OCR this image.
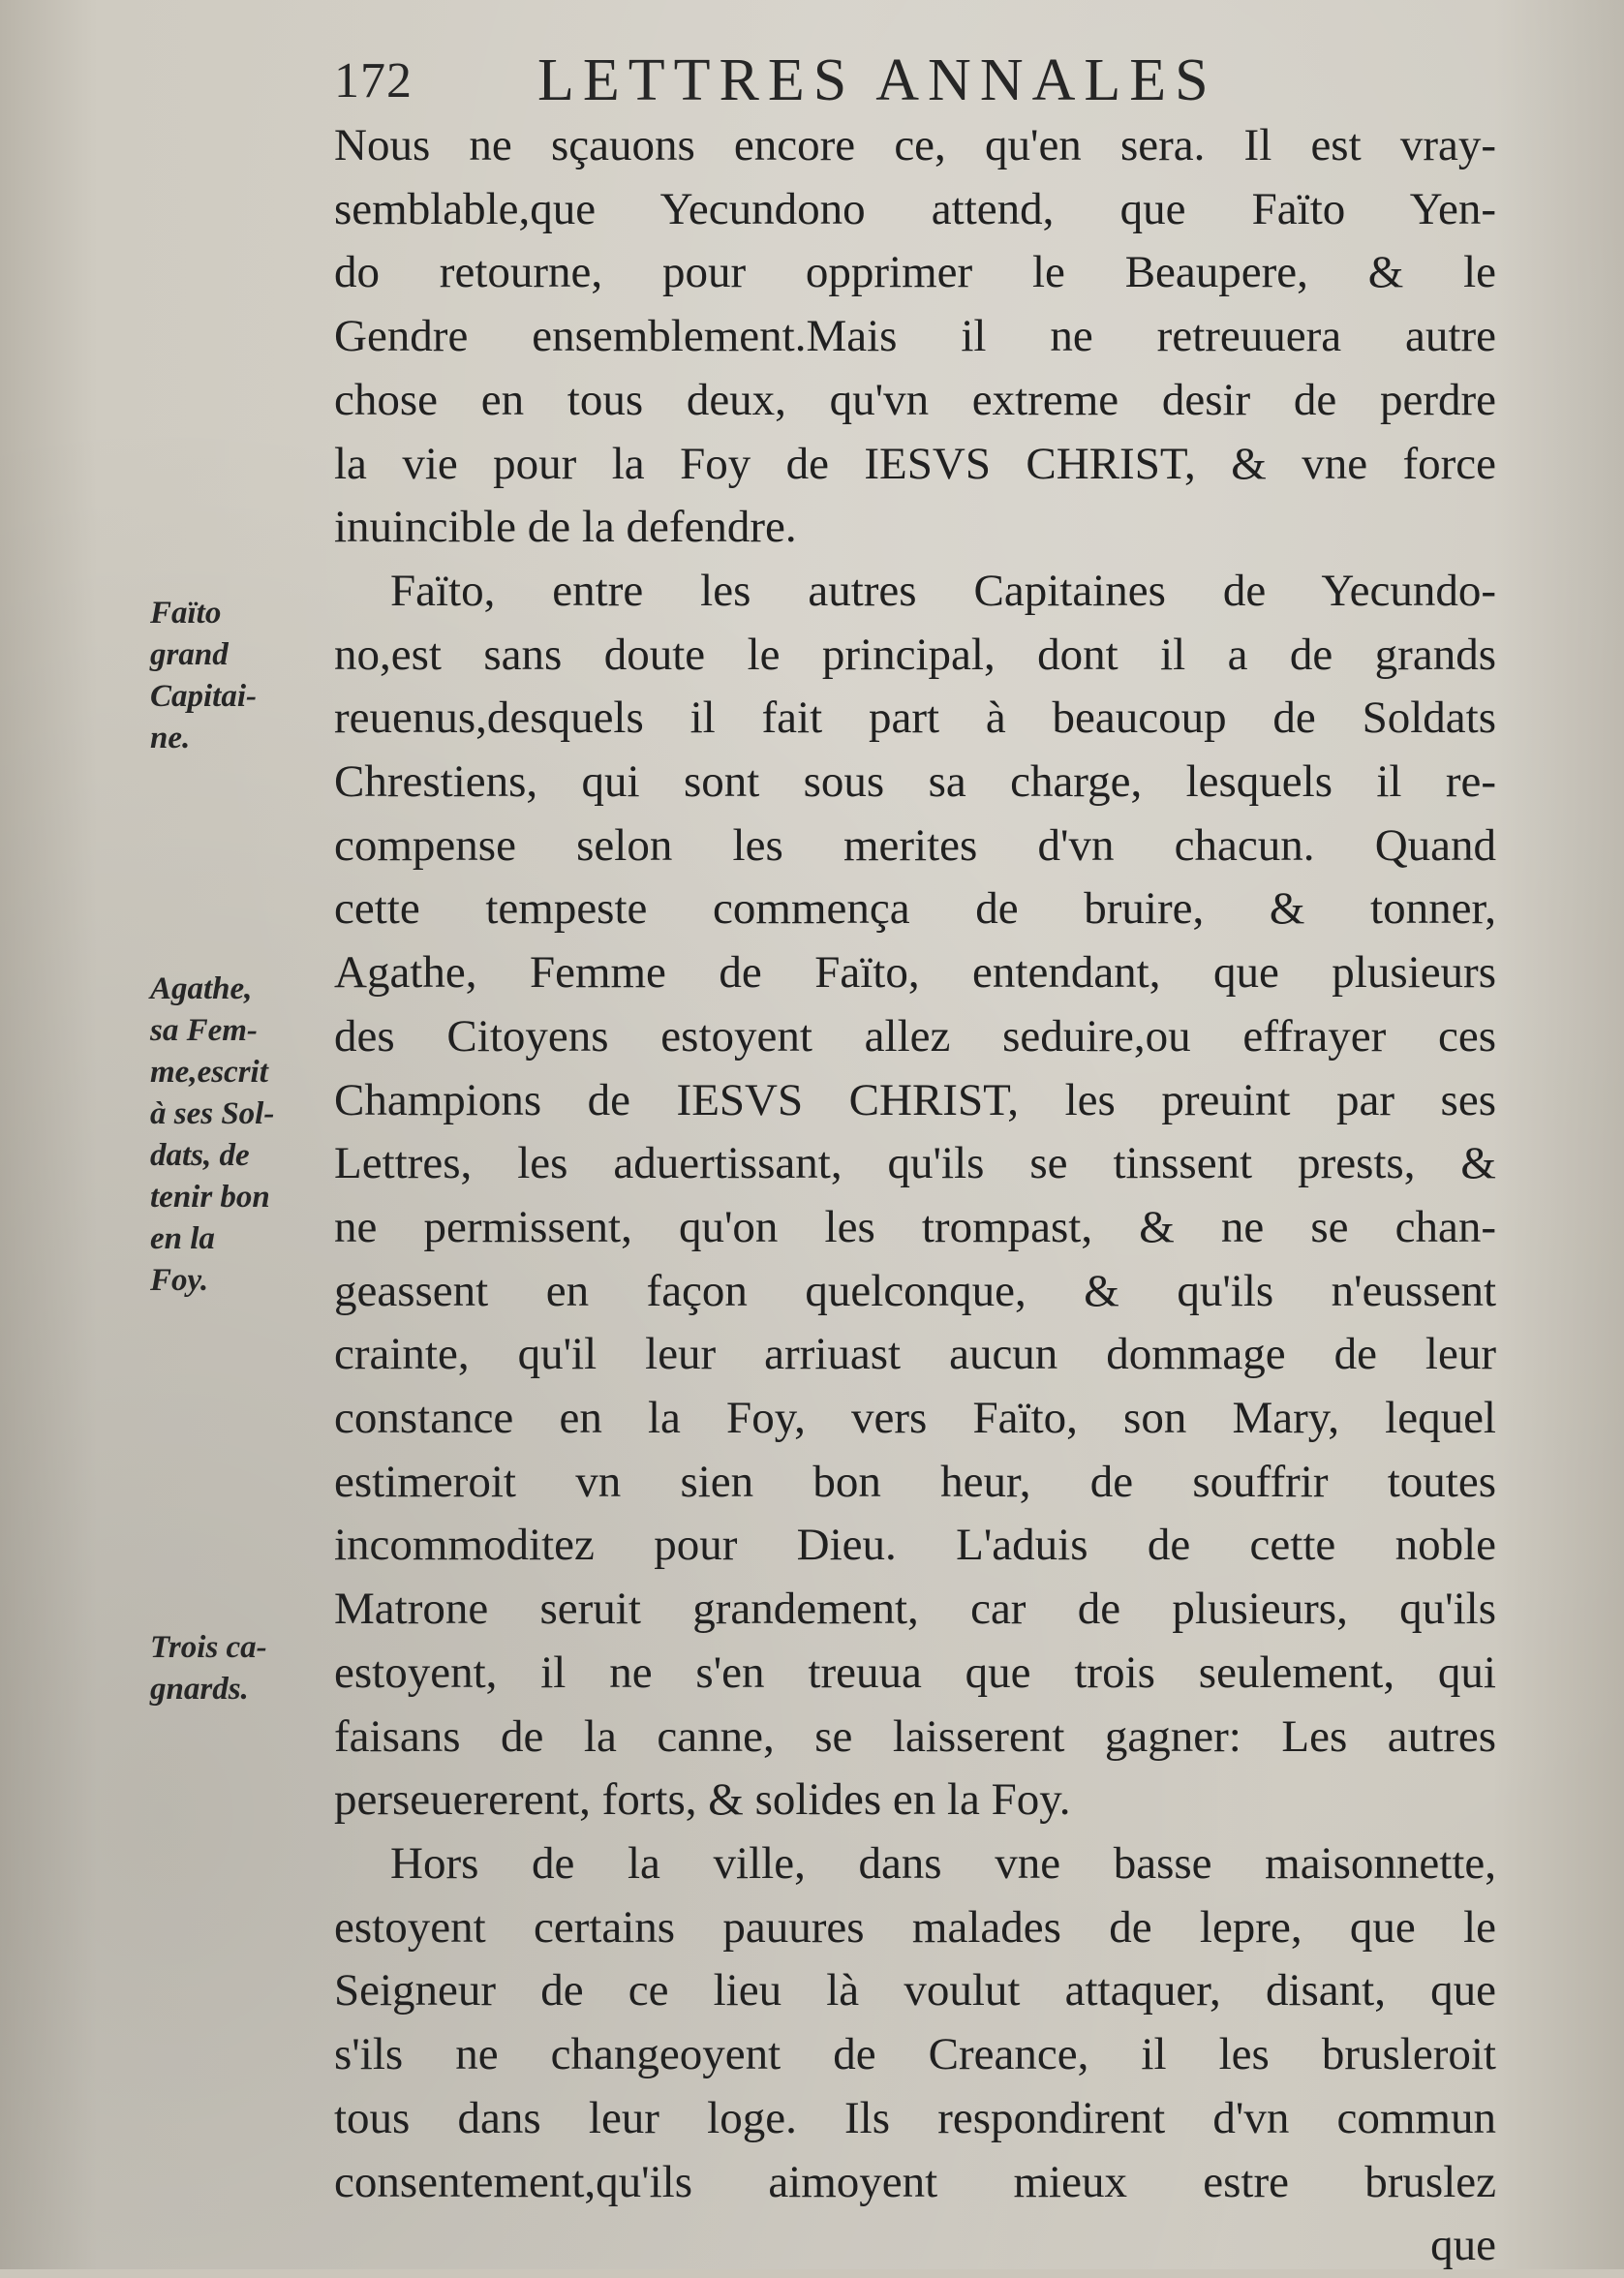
172 LETTRES ANNALES
Nous ne sçauons encore ce, qu'en sera. Il est vray-
semblable,que Yecundono attend, que Faïto Yen-
do retourne, pour opprimer le Beaupere, & le
Gendre ensemblement.Mais il ne retreuuera autre
chose en tous deux, qu'vn extreme desir de perdre
la vie pour la Foy de IESVS CHRIST, & vne force
inuincible de la defendre.
Faïto, entre les autres Capitaines de Yecundo-
no,est sans doute le principal, dont il a de grands
reuenus,desquels il fait part à beaucoup de Soldats
Chrestiens, qui sont sous sa charge, lesquels il re-
compense selon les merites d'vn chacun. Quand
cette tempeste commença de bruire, & tonner,
Agathe, Femme de Faïto, entendant, que plusieurs
des Citoyens estoyent allez seduire,ou effrayer ces
Champions de IESVS CHRIST, les preuint par ses
Lettres, les aduertissant, qu'ils se tinssent prests, &
ne permissent, qu'on les trompast, & ne se chan-
geassent en façon quelconque, & qu'ils n'eussent
crainte, qu'il leur arriuast aucun dommage de leur
constance en la Foy, vers Faïto, son Mary, lequel
estimeroit vn sien bon heur, de souffrir toutes
incommoditez pour Dieu. L'aduis de cette noble
Matrone seruit grandement, car de plusieurs, qu'ils
estoyent, il ne s'en treuua que trois seulement, qui
faisans de la canne, se laisserent gagner: Les autres
perseuererent, forts, & solides en la Foy.
Hors de la ville, dans vne basse maisonnette,
estoyent certains pauures malades de lepre, que le
Seigneur de ce lieu là voulut attaquer, disant, que
s'ils ne changeoyent de Creance, il les brusleroit
tous dans leur loge. Ils respondirent d'vn commun
consentement,qu'ils aimoyent mieux estre bruslez
que
Faïto
grand
Capitai-
ne.
Agathe,
sa Fem-
me,escrit
à ses Sol-
dats, de
tenir bon
en la
Foy.
Trois ca-
gnards.
